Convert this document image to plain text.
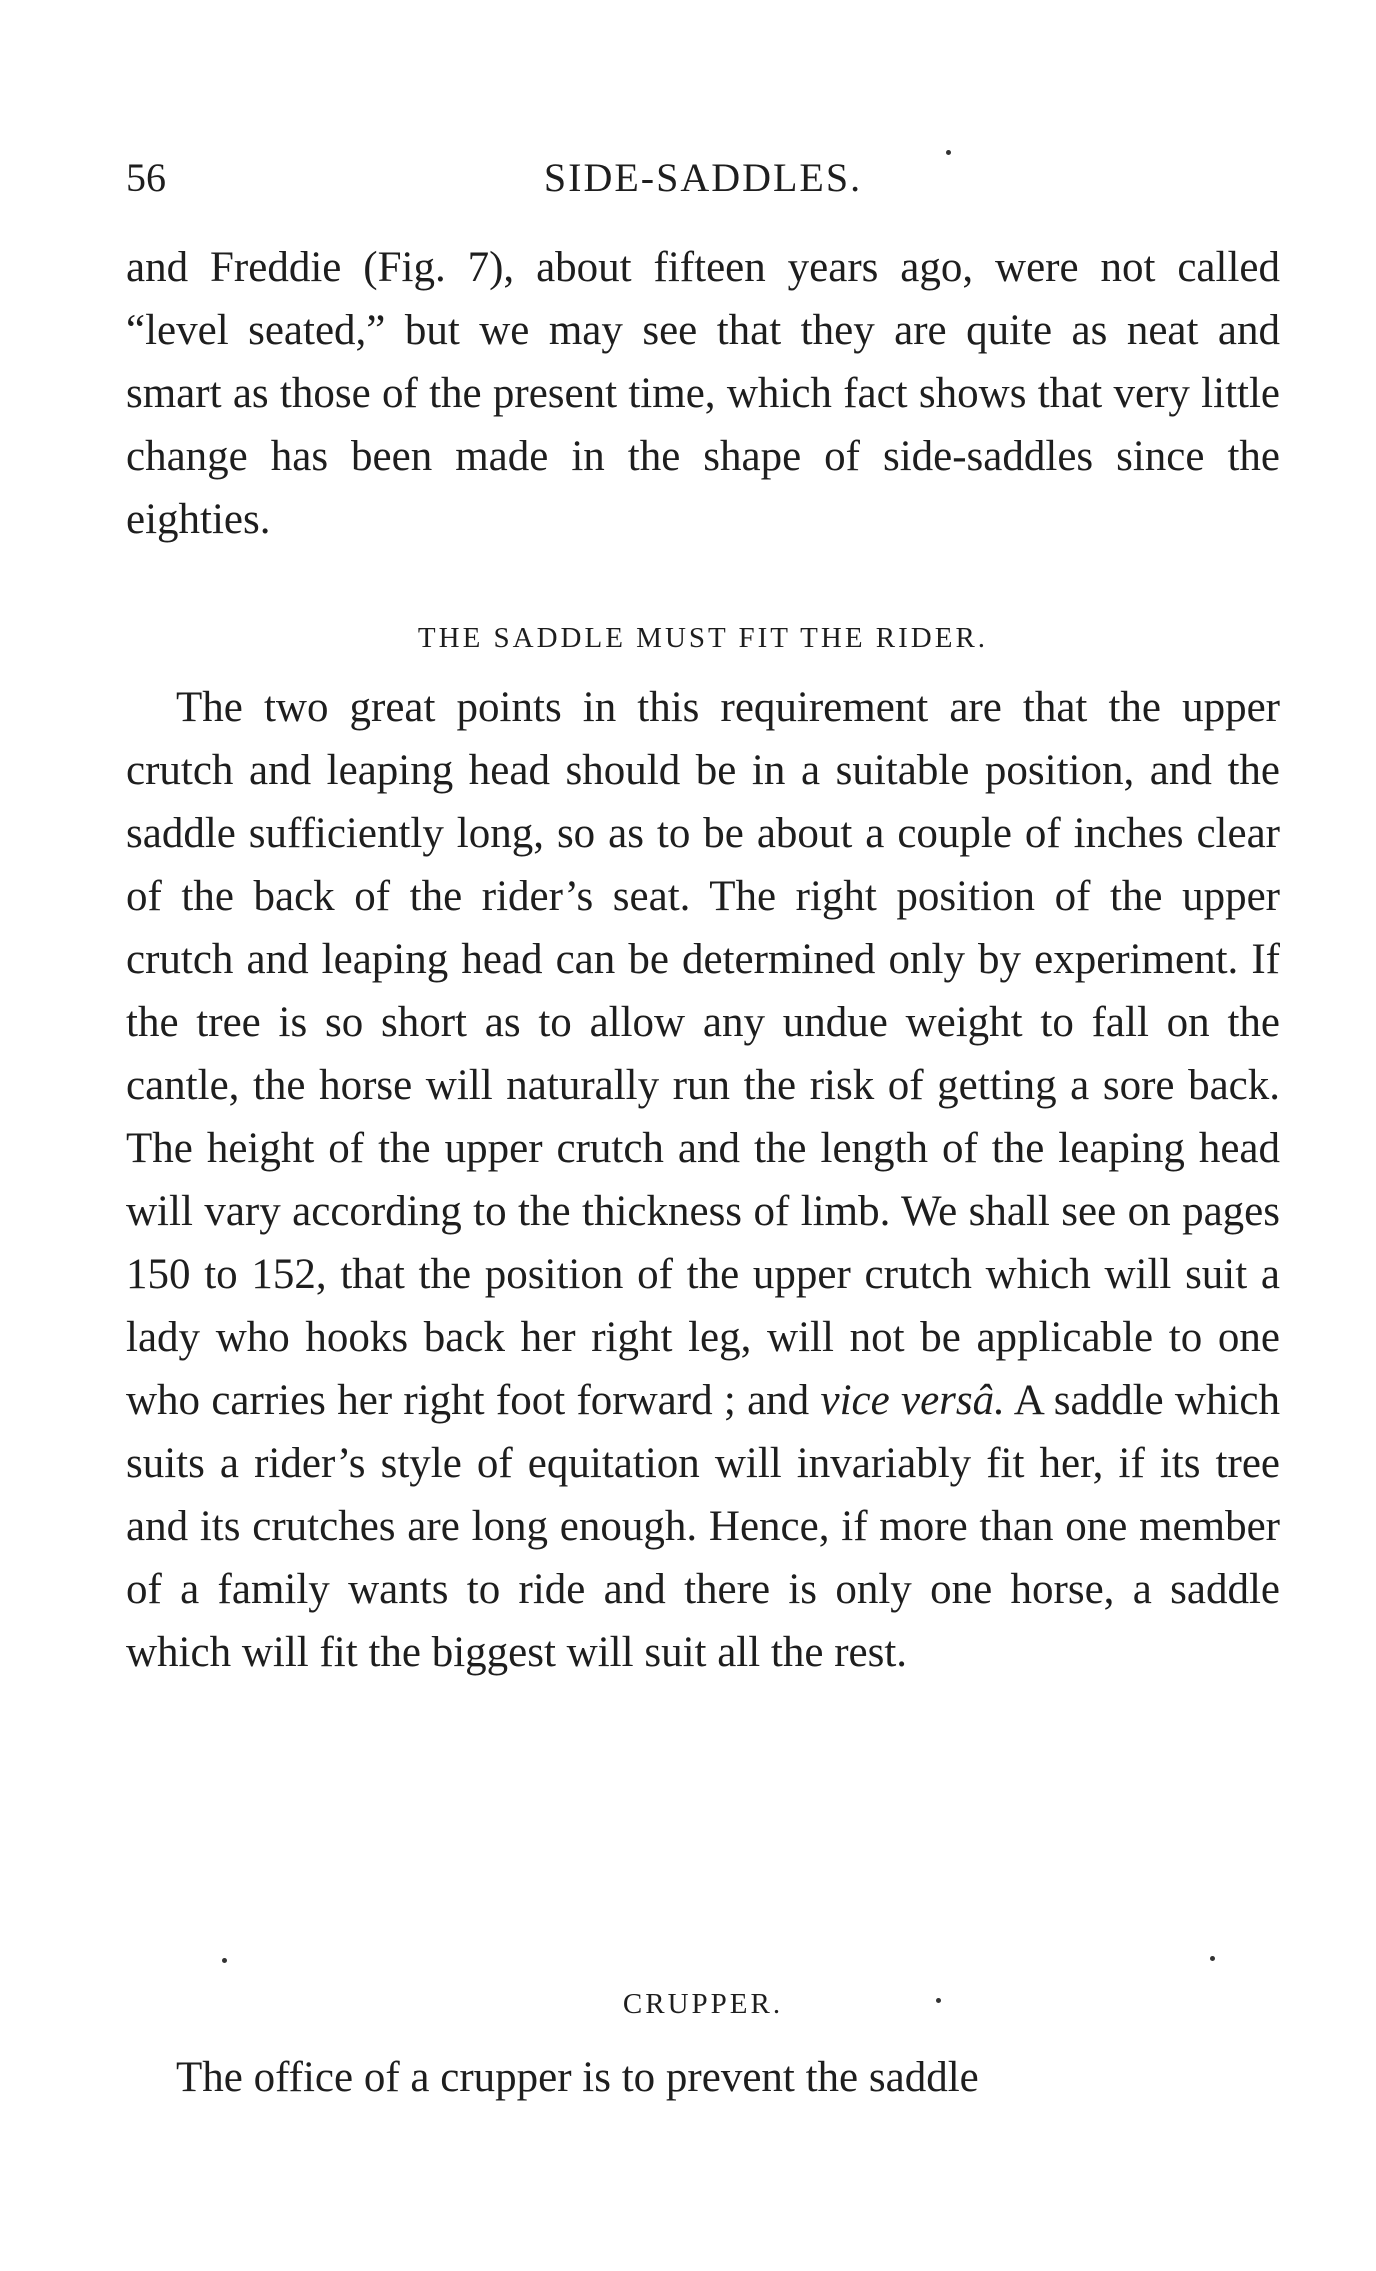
56	SIDE-SADDLES.

and Freddie (Fig. 7), about fifteen years ago, were not called “level seated,” but we may see that they are quite as neat and smart as those of the present time, which fact shows that very little change has been made in the shape of side-saddles since the eighties.

THE SADDLE MUST FIT THE RIDER.

The two great points in this requirement are that the upper crutch and leaping head should be in a suitable position, and the saddle sufficiently long, so as to be about a couple of inches clear of the back of the rider’s seat. The right position of the upper crutch and leaping head can be determined only by experiment. If the tree is so short as to allow any undue weight to fall on the cantle, the horse will naturally run the risk of getting a sore back. The height of the upper crutch and the length of the leaping head will vary according to the thickness of limb. We shall see on pages 150 to 152, that the position of the upper crutch which will suit a lady who hooks back her right leg, will not be applicable to one who carries her right foot forward ; and vice versâ. A saddle which suits a rider’s style of equitation will invariably fit her, if its tree and its crutches are long enough. Hence, if more than one member of a family wants to ride and there is only one horse, a saddle which will fit the biggest will suit all the rest.

CRUPPER.

The office of a crupper is to prevent the saddle
